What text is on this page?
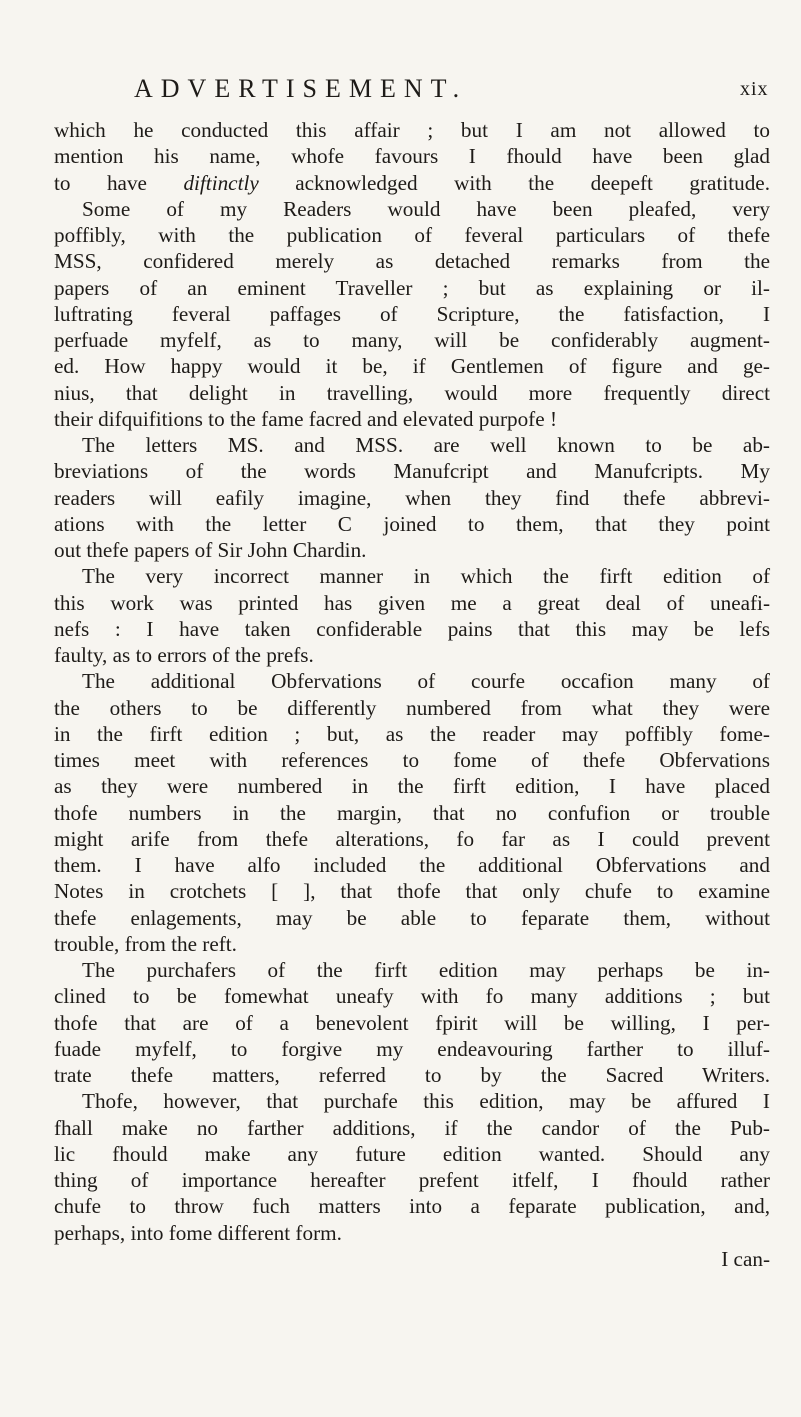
ADVERTISEMENT.	xix
which he conducted this affair ; but I am not allowed to
mention his name, whofe favours I fhould have been glad
to have diftinctly acknowledged with the deepeft gratitude.
Some of my Readers would have been pleafed, very
poffibly, with the publication of feveral particulars of thefe
MSS, confidered merely as detached remarks from the
papers of an eminent Traveller ; but as explaining or il-
luftrating feveral paffages of Scripture, the fatisfaction, I
perfuade myfelf, as to many, will be confiderably augment-
ed. How happy would it be, if Gentlemen of figure and ge-
nius, that delight in travelling, would more frequently direct
their difquifitions to the fame facred and elevated purpofe !
The letters MS. and MSS. are well known to be ab-
breviations of the words Manufcript and Manufcripts. My
readers will eafily imagine, when they find thefe abbrevi-
ations with the letter C joined to them, that they point
out thefe papers of Sir John Chardin.
The very incorrect manner in which the firft edition of
this work was printed has given me a great deal of uneafi-
nefs : I have taken confiderable pains that this may be lefs
faulty, as to errors of the prefs.
The additional Obfervations of courfe occafion many of
the others to be differently numbered from what they were
in the firft edition ; but, as the reader may poffibly fome-
times meet with references to fome of thefe Obfervations
as they were numbered in the firft edition, I have placed
thofe numbers in the margin, that no confufion or trouble
might arife from thefe alterations, fo far as I could prevent
them. I have alfo included the additional Obfervations and
Notes in crotchets [ ], that thofe that only chufe to examine
thefe enlagements, may be able to feparate them, without
trouble, from the reft.
The purchafers of the firft edition may perhaps be in-
clined to be fomewhat uneafy with fo many additions ; but
thofe that are of a benevolent fpirit will be willing, I per-
fuade myfelf, to forgive my endeavouring farther to illuf-
trate thefe matters, referred to by the Sacred Writers.
Thofe, however, that purchafe this edition, may be affured I
fhall make no farther additions, if the candor of the Pub-
lic fhould make any future edition wanted. Should any
thing of importance hereafter prefent itfelf, I fhould rather
chufe to throw fuch matters into a feparate publication, and,
perhaps, into fome different form.
I can-
